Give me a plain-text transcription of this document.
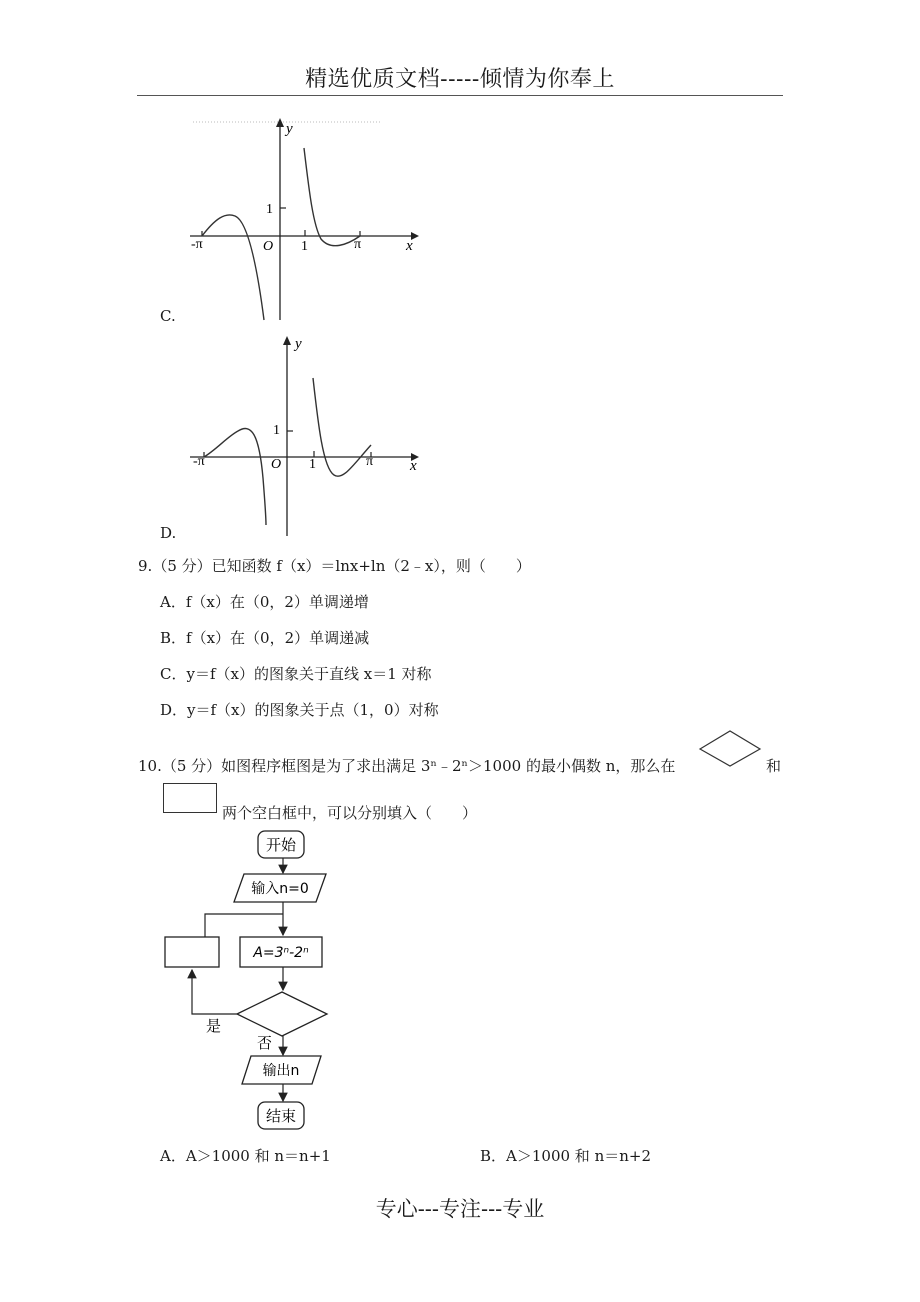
精选优质文档-----倾情为你奉上
y
x
1
O 1
-π	π
C.
y
x
1
O 1
-π	π
D.
9.（5 分）已知函数 f（x）＝lnx+ln（2﹣x），则（　　）
A．f（x）在（0，2）单调递增
B．f（x）在（0，2）单调递减
C．y＝f（x）的图象关于直线 x＝1 对称
D．y＝f（x）的图象关于点（1，0）对称
10.（5 分）如图程序框图是为了求出满足 3ⁿ﹣2ⁿ＞1000 的最小偶数 n，那么在	和
两个空白框中，可以分别填入（　　）
开始
输入n=0
A=3ⁿ-2ⁿ
是
否
输出n
结束
A．A＞1000 和 n＝n+1	B．A＞1000 和 n＝n+2
专心---专注---专业
